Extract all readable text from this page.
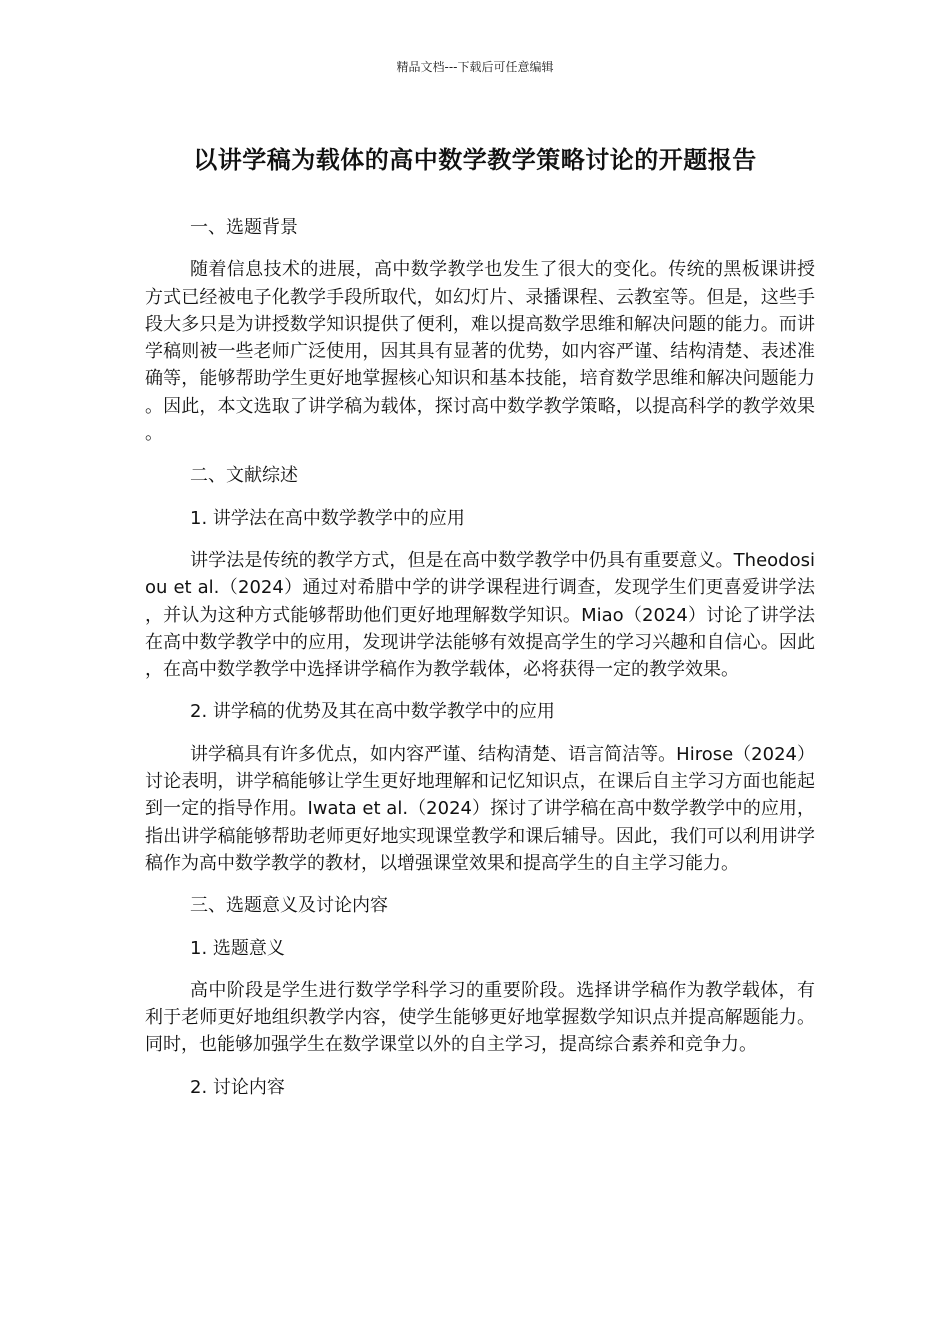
精品文档---下载后可任意编辑
以讲学稿为载体的高中数学教学策略讨论的开题报告

一、选题背景

随着信息技术的进展，高中数学教学也发生了很大的变化。传统的黑板课讲授方式已经被电子化教学手段所取代，如幻灯片、录播课程、云教室等。但是，这些手段大多只是为讲授数学知识提供了便利，难以提高数学思维和解决问题的能力。而讲学稿则被一些老师广泛使用，因其具有显著的优势，如内容严谨、结构清楚、表述准确等，能够帮助学生更好地掌握核心知识和基本技能，培育数学思维和解决问题能力。因此，本文选取了讲学稿为载体，探讨高中数学教学策略，以提高科学的教学效果。

二、文献综述

1. 讲学法在高中数学教学中的应用

讲学法是传统的教学方式，但是在高中数学教学中仍具有重要意义。Theodosiou et al.（2024）通过对希腊中学的讲学课程进行调查，发现学生们更喜爱讲学法，并认为这种方式能够帮助他们更好地理解数学知识。Miao（2024）讨论了讲学法在高中数学教学中的应用，发现讲学法能够有效提高学生的学习兴趣和自信心。因此，在高中数学教学中选择讲学稿作为教学载体，必将获得一定的教学效果。

2. 讲学稿的优势及其在高中数学教学中的应用

讲学稿具有许多优点，如内容严谨、结构清楚、语言简洁等。Hirose（2024）讨论表明，讲学稿能够让学生更好地理解和记忆知识点，在课后自主学习方面也能起到一定的指导作用。Iwata et al.（2024）探讨了讲学稿在高中数学教学中的应用，指出讲学稿能够帮助老师更好地实现课堂教学和课后辅导。因此，我们可以利用讲学稿作为高中数学教学的教材，以增强课堂效果和提高学生的自主学习能力。

三、选题意义及讨论内容

1. 选题意义

高中阶段是学生进行数学学科学习的重要阶段。选择讲学稿作为教学载体，有利于老师更好地组织教学内容，使学生能够更好地掌握数学知识点并提高解题能力。同时，也能够加强学生在数学课堂以外的自主学习，提高综合素养和竞争力。

2. 讨论内容
